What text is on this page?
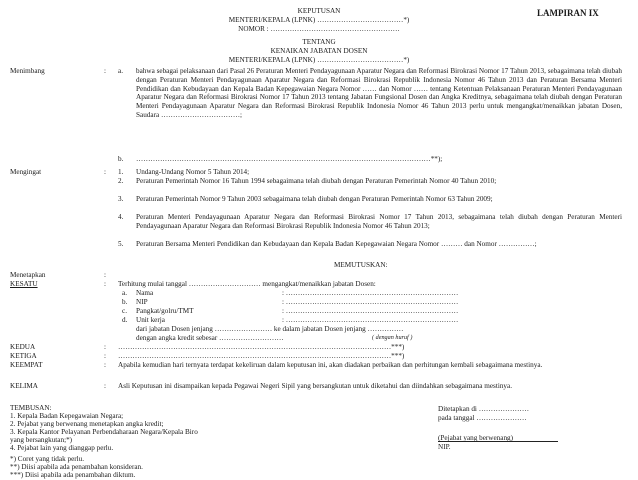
LAMPIRAN IX
KEPUTUSAN
MENTERI/KEPALA (LPNK) ………………………………*)
NOMOR : ………………………………………………
TENTANG
KENAIKAN JABATAN DOSEN
MENTERI/KEPALA (LPNK) ………………………………*)
Menimbang	: a. bahwa sebagai pelaksanaan dari Pasal 26 Peraturan Menteri Pendayagunaan Aparatur Negara dan Reformasi Birokrasi Nomor 17 Tahun 2013, sebagaimana telah diubah dengan Peraturan Menteri Pendayagunaan Aparatur Negara dan Reformasi Birokrasi Republik Indonesia Nomor 46 Tahun 2013 dan Peraturan Bersama Menteri Pendidikan dan Kebudayaan dan Kepala Badan Kepegawaian Negara Nomor …… dan Nomor …… tentang Ketentuan Pelaksanaan Peraturan Menteri Pendayagunaan Aparatur Negara dan Reformasi Birokrasi Nomor 17 Tahun 2013 tentang Jabatan Fungsional Dosen dan Angka Kreditnya, sebagaimana telah diubah dengan Peraturan Menteri Pendayagunaan Aparatur Negara dan Reformasi Birokrasi Republik Indonesia Nomor 46 Tahun 2013 perlu untuk mengangkat/menaikkan jabatan Dosen, Saudara ……………………………;
b. ……………………………………………………………………………………………………………**);
Mengingat	: 1. Undang-Undang Nomor 5 Tahun 2014;
2. Peraturan Pemerintah Nomor 16 Tahun 1994 sebagaimana telah diubah dengan Peraturan Pemerintah Nomor 40 Tahun 2010;
3. Peraturan Pemerintah Nomor 9 Tahun 2003 sebagaimana telah diubah dengan Peraturan Pemerintah Nomor 63 Tahun 2009;
4. Peraturan Menteri Pendayagunaan Aparatur Negara dan Reformasi Birokrasi Nomor 17 Tahun 2013, sebagaimana telah diubah dengan Peraturan Menteri Pendayagunaan Aparatur Negara dan Reformasi Birokrasi Republik Indonesia Nomor 46 Tahun 2013;
5. Peraturan Bersama Menteri Pendidikan dan Kebudayaan dan Kepala Badan Kepegawaian Negara Nomor ……… dan Nomor ……………;
MEMUTUSKAN:
Menetapkan	:
KESATU	: Terhitung mulai tanggal ………………………… mengangkat/menaikkan jabatan Dosen:
a. Nama	: ………………………………………………………………
b. NIP	: ………………………………………………………………
c. Pangkat/golru/TMT	: ………………………………………………………………
d. Unit kerja	: ………………………………………………………………
dari jabatan Dosen jenjang …………………… ke dalam jabatan Dosen jenjang ……………
dengan angka kredit sebesar ………………………	( dengan huruf )
KEDUA	: ……………………………………………………………………………………………………***)
KETIGA	: ……………………………………………………………………………………………………***)
KEEMPAT	: Apabila kemudian hari ternyata terdapat kekeliruan dalam keputusan ini, akan diadakan perbaikan dan perhitungan kembali sebagaimana mestinya.
KELIMA	: Asli Keputusan ini disampaikan kepada Pegawai Negeri Sipil yang bersangkutan untuk diketahui dan diindahkan sebagaimana mestinya.
Ditetapkan di …………………
pada tanggal …………………
(Pejabat yang berwenang)
NIP.
TEMBUSAN:
1. Kepala Badan Kepegawaian Negara;
2. Pejabat yang berwenang menetapkan angka kredit;
3. Kepala Kantor Pelayanan Perbendaharaan Negara/Kepala Biro
yang bersangkutan;*)
4. Pejabat lain yang dianggap perlu.
*) Coret yang tidak perlu.
**) Diisi apabila ada penambahan konsideran.
***) Diisi apabila ada penambahan diktum.
